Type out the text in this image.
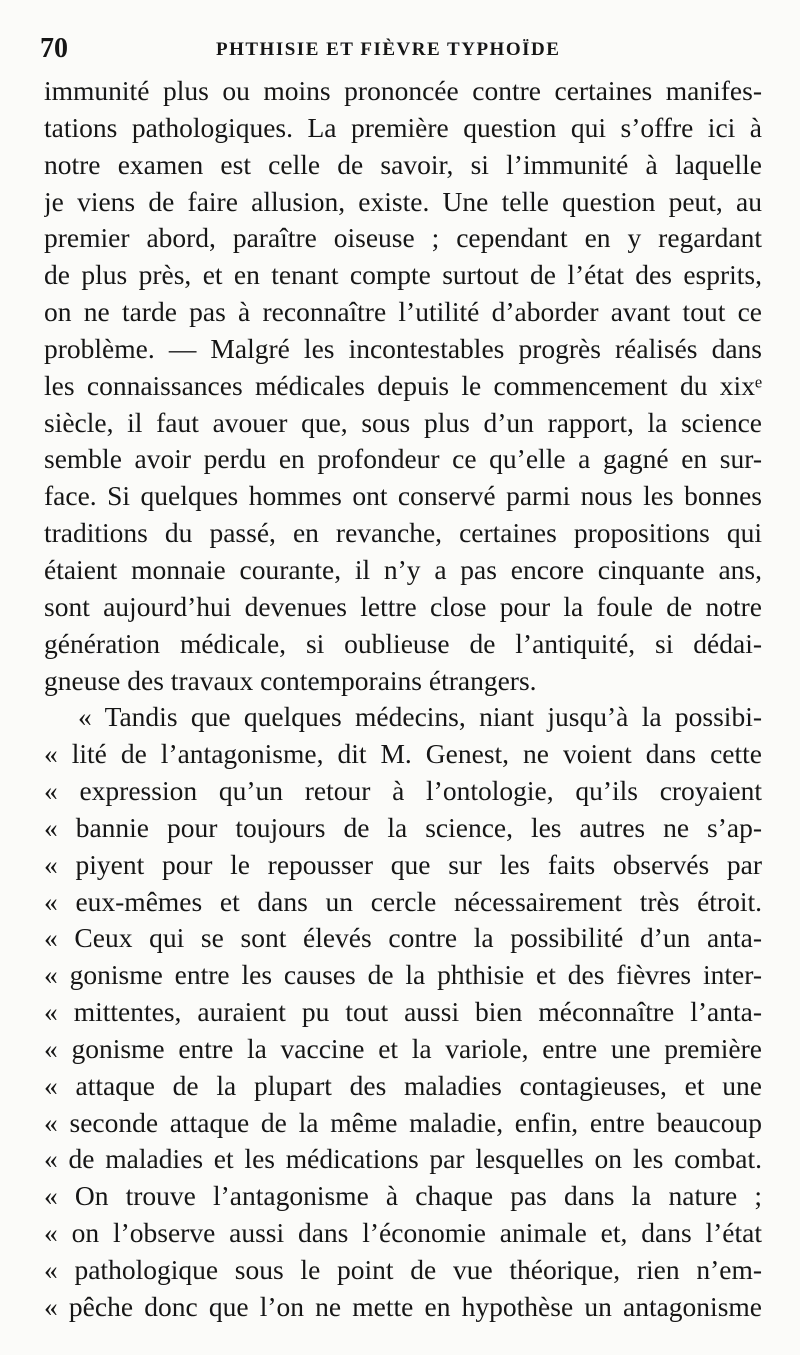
70	PHTHISIE ET FIÈVRE TYPHOÏDE
immunité plus ou moins prononcée contre certaines manifes-
tations pathologiques. La première question qui s’offre ici à
notre examen est celle de savoir, si l’immunité à laquelle
je viens de faire allusion, existe. Une telle question peut, au
premier abord, paraître oiseuse ; cependant en y regardant
de plus près, et en tenant compte surtout de l’état des esprits,
on ne tarde pas à reconnaître l’utilité d’aborder avant tout ce
problème. — Malgré les incontestables progrès réalisés dans
les connaissances médicales depuis le commencement du xixᵉ
siècle, il faut avouer que, sous plus d’un rapport, la science
semble avoir perdu en profondeur ce qu’elle a gagné en sur-
face. Si quelques hommes ont conservé parmi nous les bonnes
traditions du passé, en revanche, certaines propositions qui
étaient monnaie courante, il n’y a pas encore cinquante ans,
sont aujourd’hui devenues lettre close pour la foule de notre
génération médicale, si oublieuse de l’antiquité, si dédai-
gneuse des travaux contemporains étrangers.
« Tandis que quelques médecins, niant jusqu’à la possibi-
« lité de l’antagonisme, dit M. Genest, ne voient dans cette
« expression qu’un retour à l’ontologie, qu’ils croyaient
« bannie pour toujours de la science, les autres ne s’ap-
« piyent pour le repousser que sur les faits observés par
« eux-mêmes et dans un cercle nécessairement très étroit.
« Ceux qui se sont élevés contre la possibilité d’un anta-
« gonisme entre les causes de la phthisie et des fièvres inter-
« mittentes, auraient pu tout aussi bien méconnaître l’anta-
« gonisme entre la vaccine et la variole, entre une première
« attaque de la plupart des maladies contagieuses, et une
« seconde attaque de la même maladie, enfin, entre beaucoup
« de maladies et les médications par lesquelles on les combat.
« On trouve l’antagonisme à chaque pas dans la nature ;
« on l’observe aussi dans l’économie animale et, dans l’état
« pathologique sous le point de vue théorique, rien n’em-
« pêche donc que l’on ne mette en hypothèse un antagonisme
